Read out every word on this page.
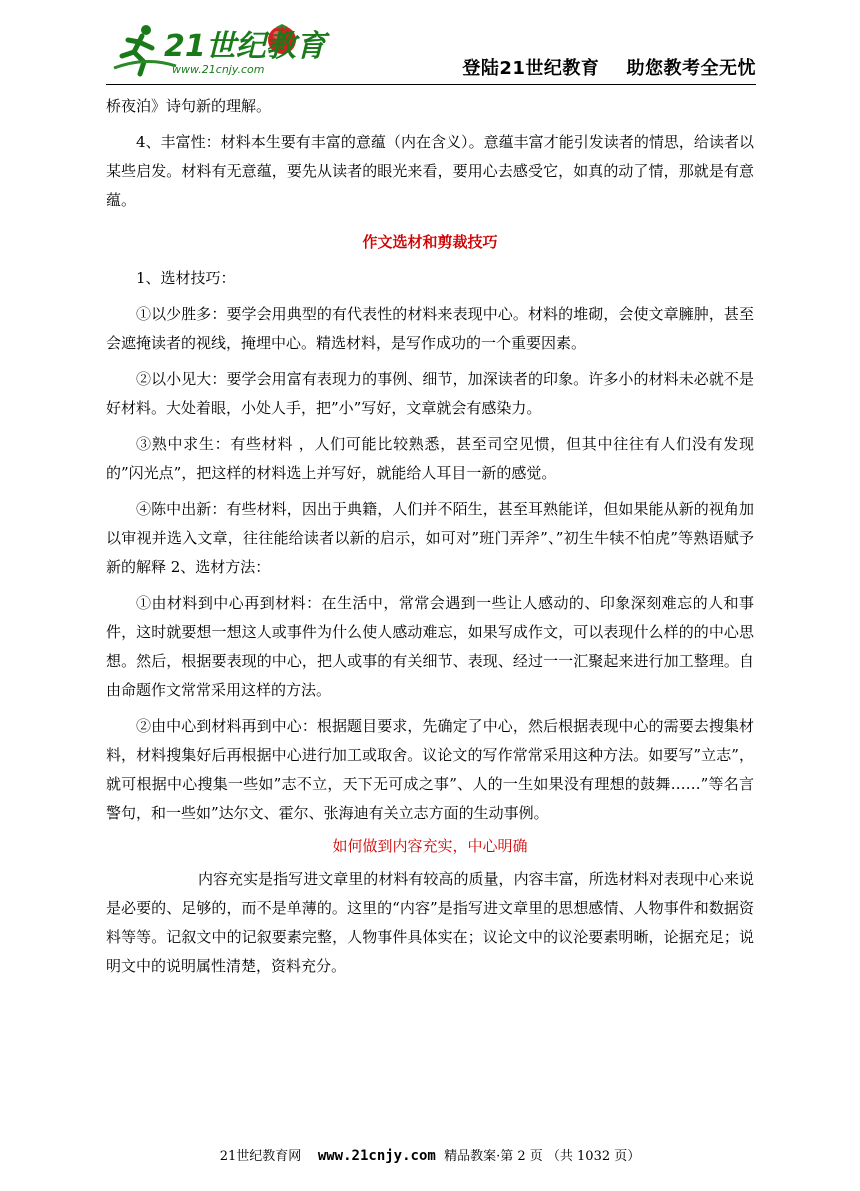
21世纪教育
www.21cnjy.com	登陆21世纪教育    助您教考全无忧

桥夜泊》诗句新的理解。

4、丰富性：材料本生要有丰富的意蕴（内在含义）。意蕴丰富才能引发读者的情思，给读者以某些启发。材料有无意蕴，要先从读者的眼光来看，要用心去感受它，如真的动了情，那就是有意蕴。

作文选材和剪裁技巧

1、选材技巧：

①以少胜多：要学会用典型的有代表性的材料来表现中心。材料的堆砌，会使文章臃肿，甚至会遮掩读者的视线，掩埋中心。精选材料，是写作成功的一个重要因素。

②以小见大：要学会用富有表现力的事例、细节，加深读者的印象。许多小的材料未必就不是好材料。大处着眼，小处人手，把”小”写好，文章就会有感染力。

③熟中求生：有些材料 ，人们可能比较熟悉，甚至司空见惯，但其中往往有人们没有发现的”闪光点”，把这样的材料选上并写好，就能给人耳目一新的感觉。

④陈中出新：有些材料，因出于典籍，人们并不陌生，甚至耳熟能详，但如果能从新的视角加以审视并选入文章，往往能给读者以新的启示，如可对”班门弄斧”、”初生牛犊不怕虎”等熟语赋予新的解释 2、选材方法：

①由材料到中心再到材料：在生活中，常常会遇到一些让人感动的、印象深刻难忘的人和事件，这时就要想一想这人或事件为什么使人感动难忘，如果写成作文，可以表现什么样的的中心思想。然后，根据要表现的中心，把人或事的有关细节、表现、经过一一汇聚起来进行加工整理。自由命题作文常常采用这样的方法。

②由中心到材料再到中心：根据题目要求，先确定了中心，然后根据表现中心的需要去搜集材料，材料搜集好后再根据中心进行加工或取舍。议论文的写作常常采用这种方法。如要写”立志”，就可根据中心搜集一些如”志不立，天下无可成之事”、人的一生如果没有理想的鼓舞……”等名言警句，和一些如”达尔文、霍尔、张海迪有关立志方面的生动事例。

如何做到内容充实，中心明确

内容充实是指写进文章里的材料有较高的质量，内容丰富，所选材料对表现中心来说是必要的、足够的，而不是单薄的。这里的“内容”是指写进文章里的思想感情、人物事件和数据资料等等。记叙文中的记叙要素完整，人物事件具体实在；议论文中的议沦要素明晰，论据充足；说明文中的说明属性清楚，资料充分。

21世纪教育网 www.21cnjy.com 精品教案·第 2 页 （共 1032 页）
